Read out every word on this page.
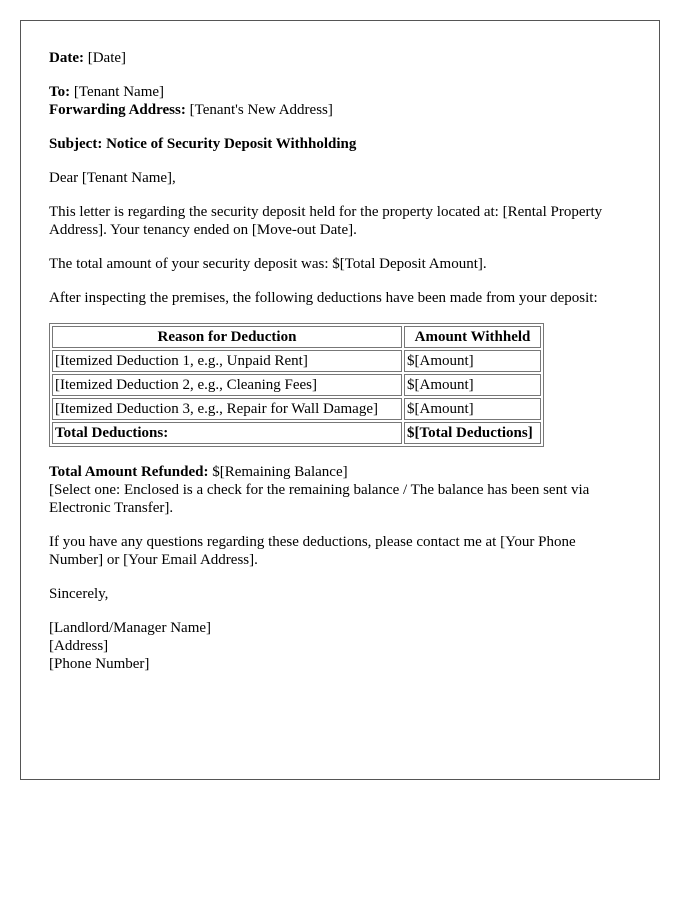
Date: [Date]

To: [Tenant Name]

Forwarding Address: [Tenant's New Address]

Subject: Notice of Security Deposit Withholding

Dear [Tenant Name],

This letter is regarding the security deposit held for the property located at: [Rental Property Address]. Your tenancy ended on [Move-out Date].

The total amount of your security deposit was: $[Total Deposit Amount].

After inspecting the premises, the following deductions have been made from your deposit:

Reason for Deduction	Amount Withheld
[Itemized Deduction 1, e.g., Unpaid Rent]	$[Amount]
[Itemized Deduction 2, e.g., Cleaning Fees]	$[Amount]
[Itemized Deduction 3, e.g., Repair for Wall Damage]	$[Amount]
Total Deductions:	$[Total Deductions]

Total Amount Refunded: $[Remaining Balance]

[Select one: Enclosed is a check for the remaining balance / The balance has been sent via Electronic Transfer].

If you have any questions regarding these deductions, please contact me at [Your Phone Number] or [Your Email Address].

Sincerely,

[Landlord/Manager Name]

[Address]

[Phone Number]
